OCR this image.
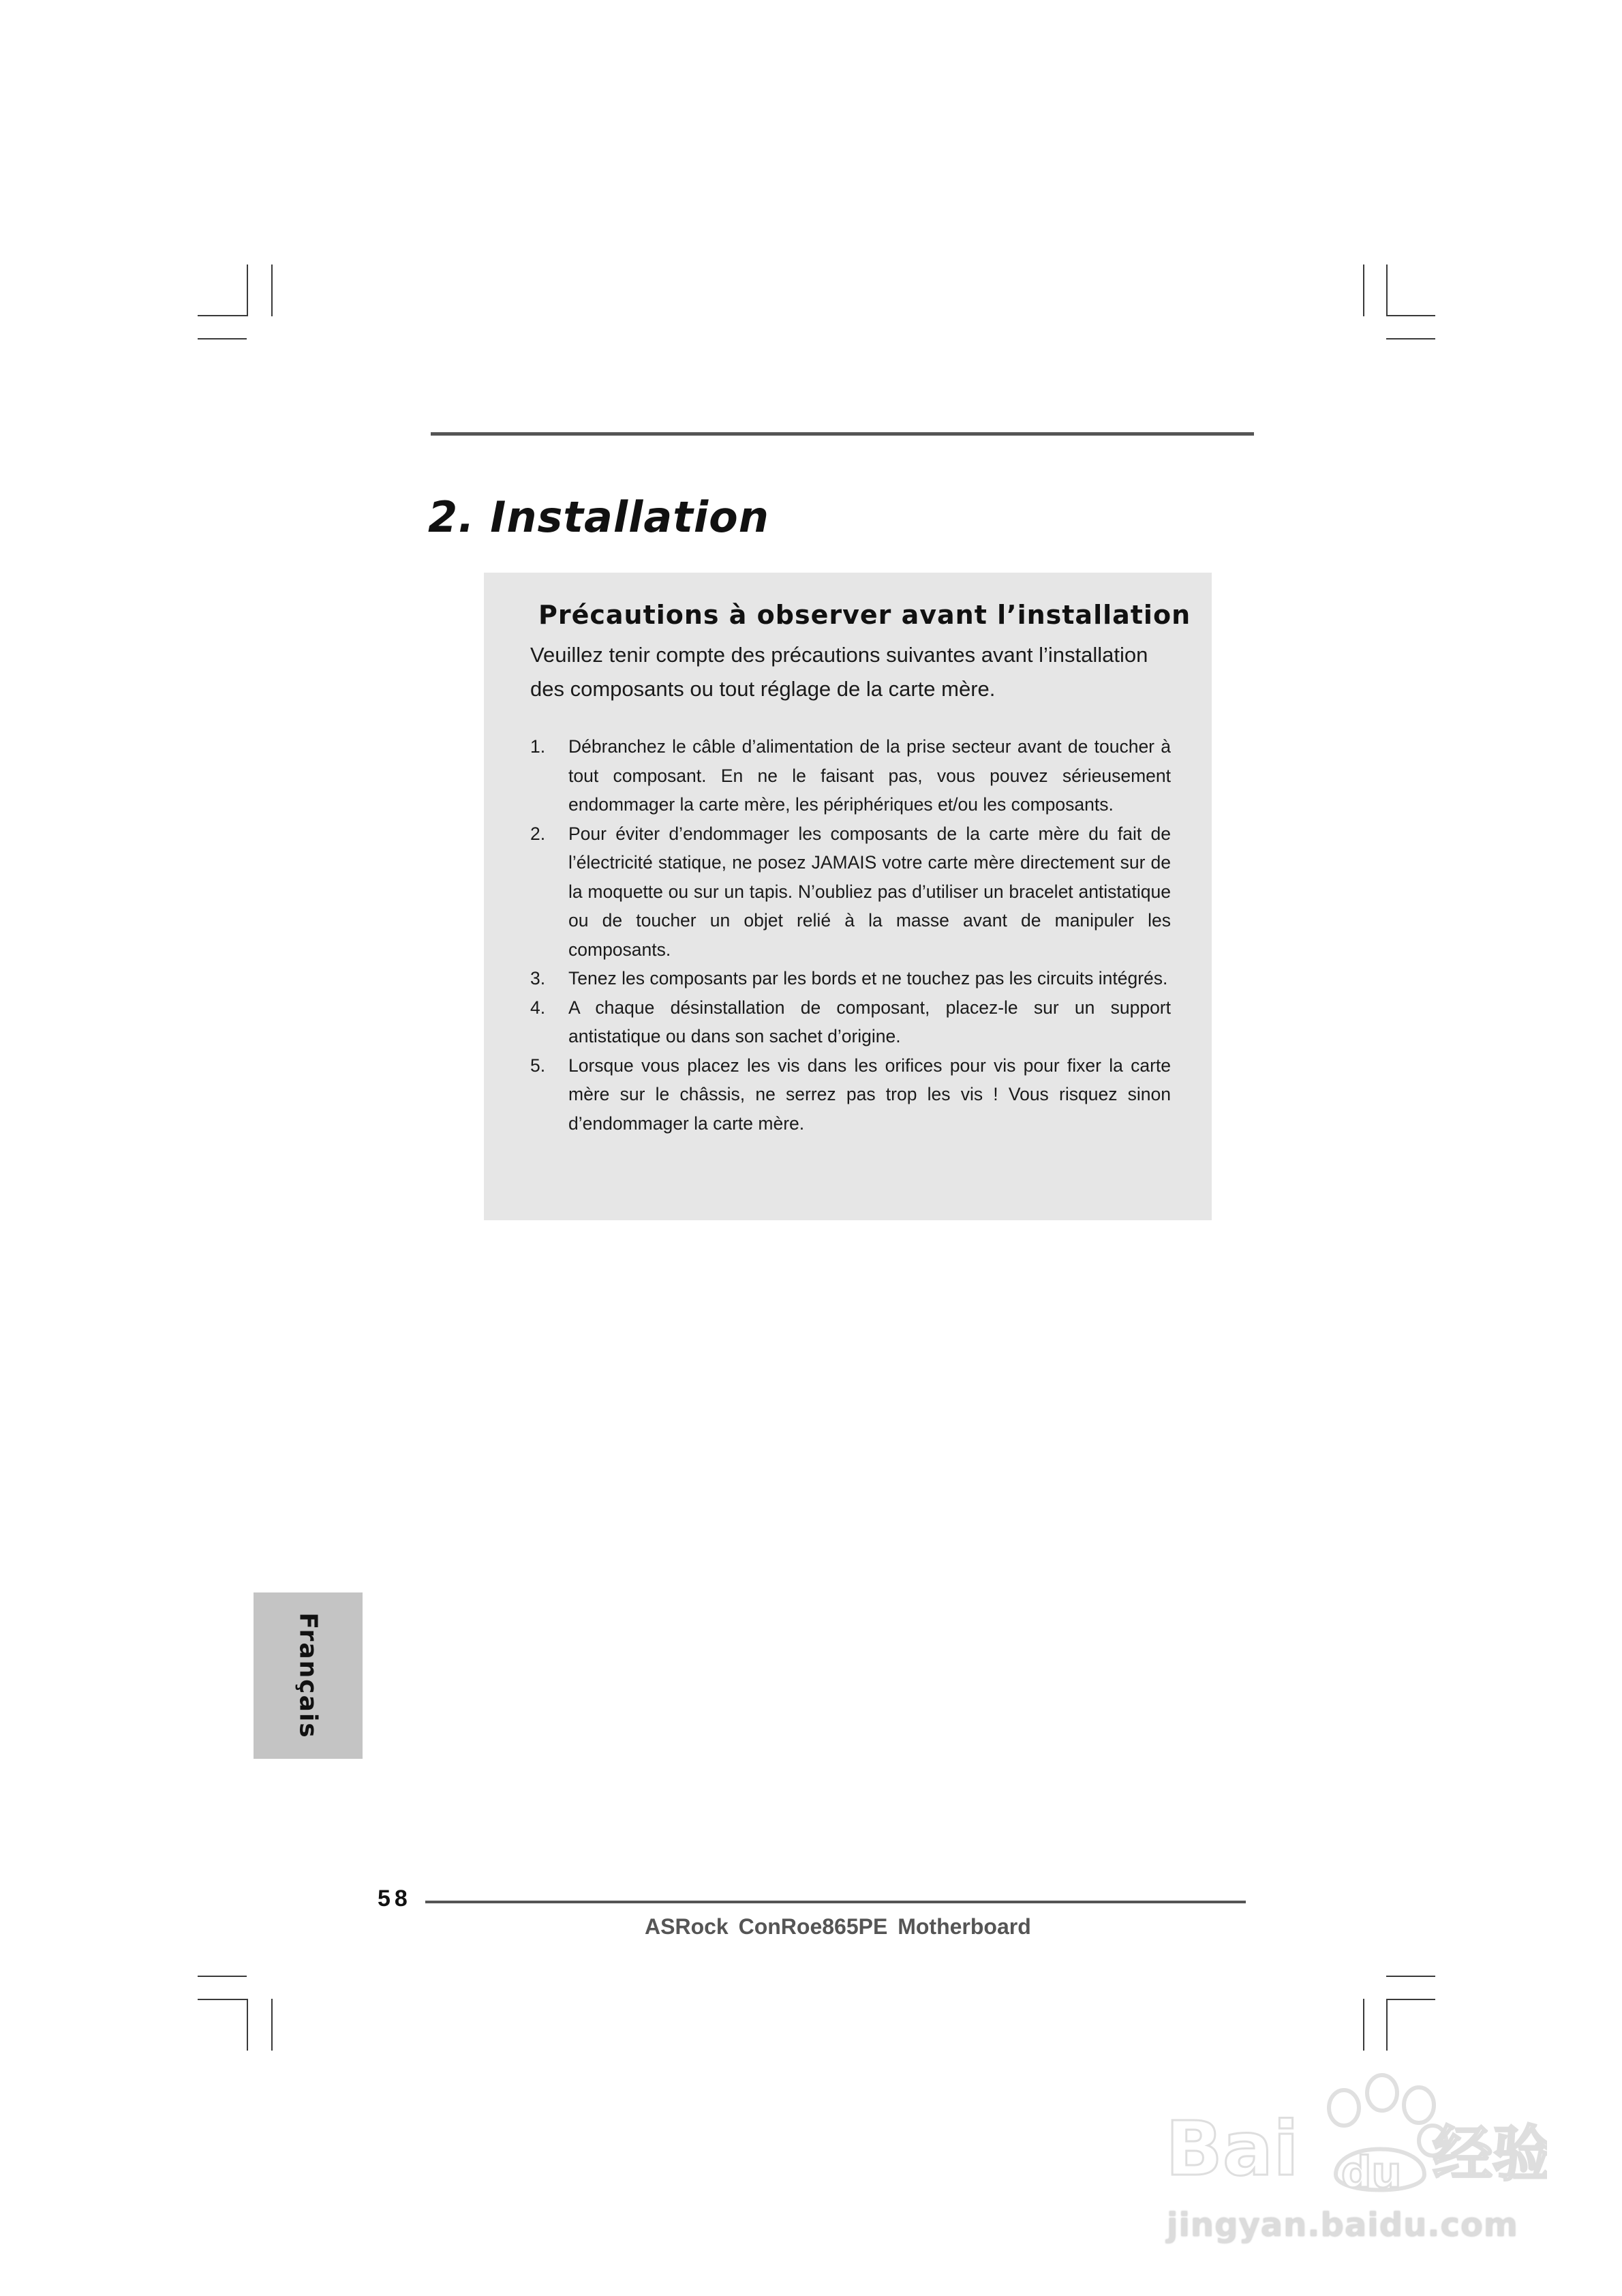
2. Installation
Précautions à observer avant l’installation

Veuillez tenir compte des précautions suivantes avant l’installation des composants ou tout réglage de la carte mère.

1.	Débranchez le câble d’alimentation de la prise secteur avant de toucher à tout composant. En ne le faisant pas, vous pouvez sérieusement endommager la carte mère, les périphériques et/ou les composants.
2.	Pour éviter d’endommager les composants de la carte mère du fait de l’électricité statique, ne posez JAMAIS votre carte mère directement sur de la moquette ou sur un tapis. N’oubliez pas d’utiliser un bracelet antistatique ou de toucher un objet relié à la masse avant de manipuler les composants.
3.	Tenez les composants par les bords et ne touchez pas les circuits intégrés.
4.	A chaque désinstallation de composant, placez-le sur un support antistatique ou dans son sachet d’origine.
5.	Lorsque vous placez les vis dans les orifices pour vis pour fixer la carte mère sur le châssis, ne serrez pas trop les vis ! Vous risquez sinon d’endommager la carte mère.
Français
58
ASRock ConRoe865PE Motherboard
Bai du 经验
jingyan.baidu.com
